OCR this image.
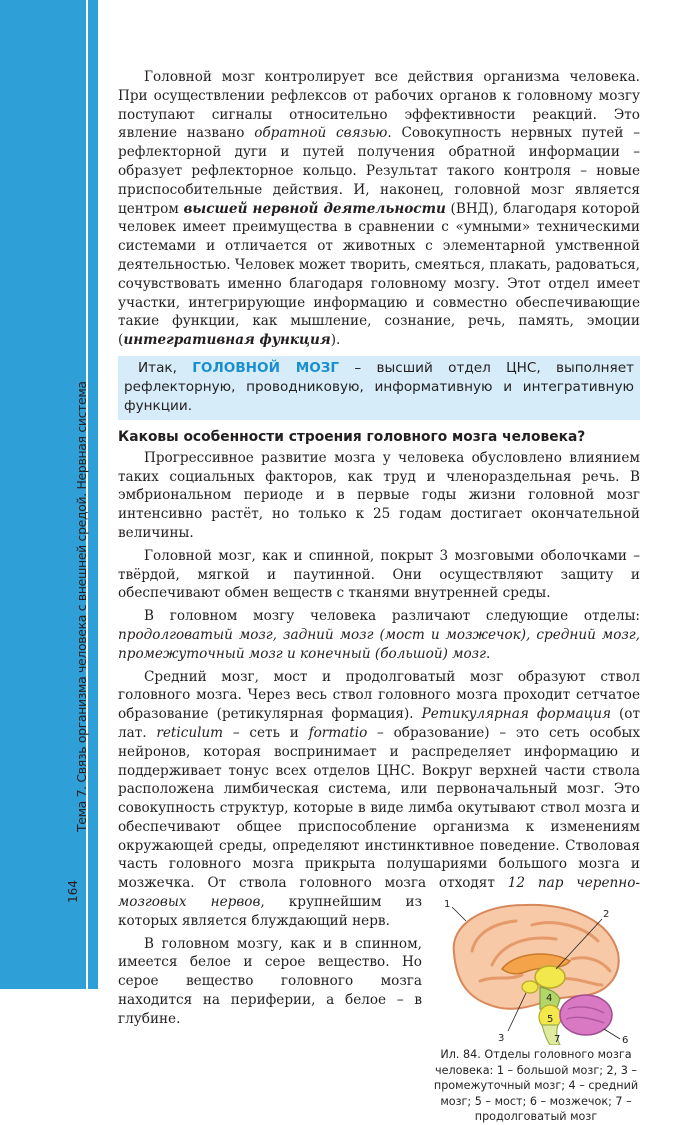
Тема 7. Связь организма человека с внешней средой. Нервная система
164

Головной мозг контролирует все действия организма человека. При осуществлении рефлексов от рабочих органов к головному мозгу поступают сигналы относительно эффективности реакций. Это явление названо обратной связью. Совокупность нервных путей – рефлекторной дуги и путей получения обратной информации – образует рефлекторное кольцо. Результат такого контроля – новые приспособительные действия. И, наконец, головной мозг является центром высшей нервной деятельности (ВНД), благодаря которой человек имеет преимущества в сравнении с «умными» техническими системами и отличается от животных с элементарной умственной деятельностью. Человек может творить, смеяться, плакать, радоваться, сочувствовать именно благодаря головному мозгу. Этот отдел имеет участки, интегрирующие информацию и совместно обеспечивающие такие функции, как мышление, сознание, речь, память, эмоции (интегративная функция).

Итак, ГОЛОВНОЙ МОЗГ – высший отдел ЦНС, выполняет рефлекторную, проводниковую, информативную и интегративную функции.
Каковы особенности строения головного мозга человека?

Прогрессивное развитие мозга у человека обусловлено влиянием таких социальных факторов, как труд и членораздельная речь. В эмбриональном периоде и в первые годы жизни головной мозг интенсивно растёт, но только к 25 годам достигает окончательной величины.

Головной мозг, как и спинной, покрыт 3 мозговыми оболочками – твёрдой, мягкой и паутинной. Они осуществляют защиту и обеспечивают обмен веществ с тканями внутренней среды.

В головном мозгу человека различают следующие отделы: продолговатый мозг, задний мозг (мост и мозжечок), средний мозг, промежуточный мозг и конечный (большой) мозг.

Средний мозг, мост и продолговатый мозг образуют ствол головного мозга. Через весь ствол головного мозга проходит сетчатое образование (ретикулярная формация). Ретикулярная формация (от лат. reticulum – сеть и formatio – образование) – это сеть особых нейронов, которая воспринимает и распределяет информацию и поддерживает тонус всех отделов ЦНС. Вокруг верхней части ствола расположена лимбическая система, или первоначальный мозг. Это совокупность структур, которые в виде лимба окутывают ствол мозга и обеспечивают общее приспособление организма к изменениям окружающей среды, определяют инстинктивное поведение. Стволовая часть головного мозга прикрыта полушариями большого мозга и мозжечка. От ствола головного мозга отходят
1
2
3
4
5
6
7
Ил. 84. Отделы головного мозга человека: 1 – большой мозг; 2, 3 – промежуточный мозг; 4 – средний мозг; 5 – мост; 6 – мозжечок; 7 – продолговатый мозг
12 пар черепно-мозговых нервов, крупнейшим из которых является блуждающий нерв.

В головном мозгу, как и в спинном, имеется белое и серое вещество. Но серое вещество головного мозга находится на периферии, а белое – в глубине.
